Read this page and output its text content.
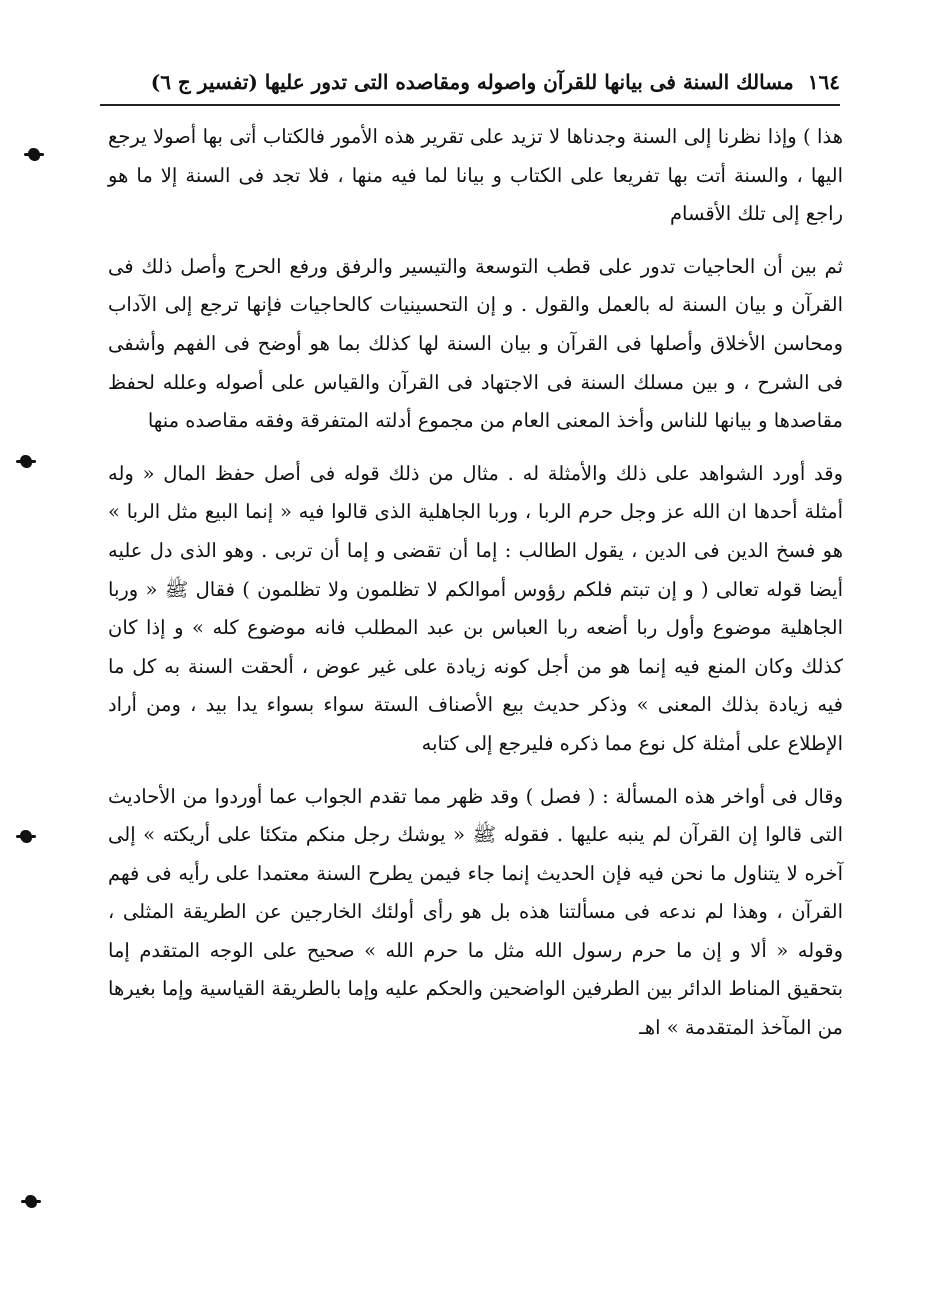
١٦٤
مسالك السنة فى بيانها للقرآن واصوله ومقاصده التى تدور عليها (تفسير ج ٦)

هذا ) وإذا نظرنا إلى السنة وجدناها لا تزيد على تقرير هذه الأمور فالكتاب أتى بها أصولا يرجع اليها ، والسنة أتت بها تفريعا على الكتاب و بيانا لما فيه منها ، فلا تجد فى السنة إلا ما هو راجع إلى تلك الأقسام

ثم بين أن الحاجيات تدور على قطب التوسعة والتيسير والرفق ورفع الحرج وأصل ذلك فى القرآن و بيان السنة له بالعمل والقول . و إن التحسينيات كالحاجيات فإنها ترجع إلى الآداب ومحاسن الأخلاق وأصلها فى القرآن و بيان السنة لها كذلك بما هو أوضح فى الفهم وأشفى فى الشرح ، و بين مسلك السنة فى الاجتهاد فى القرآن والقياس على أصوله وعلله لحفظ مقاصدها و بيانها للناس وأخذ المعنى العام من مجموع أدلته المتفرقة وفقه مقاصده منها

وقد أورد الشواهد على ذلك والأمثلة له . مثال من ذلك قوله فى أصل حفظ المال « وله أمثلة أحدها ان الله عز وجل حرم الربا ، وربا الجاهلية الذى قالوا فيه « إنما البيع مثل الربا » هو فسخ الدين فى الدين ، يقول الطالب : إما أن تقضى و إما أن تربى . وهو الذى دل عليه أيضا قوله تعالى ( و إن تبتم فلكم رؤوس أموالكم لا تظلمون ولا تظلمون ) فقال ﷺ « وربا الجاهلية موضوع وأول ربا أضعه ربا العباس بن عبد المطلب فانه موضوع كله » و إذا كان كذلك وكان المنع فيه إنما هو من أجل كونه زيادة على غير عوض ، ألحقت السنة به كل ما فيه زيادة بذلك المعنى » وذكر حديث بيع الأصناف الستة سواء بسواء يدا بيد ، ومن أراد الإطلاع على أمثلة كل نوع مما ذكره فليرجع إلى كتابه

وقال فى أواخر هذه المسألة : ( فصل ) وقد ظهر مما تقدم الجواب عما أوردوا من الأحاديث التى قالوا إن القرآن لم ينبه عليها . فقوله ﷺ « يوشك رجل منكم متكئا على أريكته » إلى آخره لا يتناول ما نحن فيه فإن الحديث إنما جاء فيمن يطرح السنة معتمدا على رأيه فى فهم القرآن ، وهذا لم ندعه فى مسألتنا هذه بل هو رأى أولئك الخارجين عن الطريقة المثلى ، وقوله « ألا و إن ما حرم رسول الله مثل ما حرم الله » صحيح على الوجه المتقدم إما بتحقيق المناط الدائر بين الطرفين الواضحين والحكم عليه وإما بالطريقة القياسية وإما بغيرها من المآخذ المتقدمة » اهـ
